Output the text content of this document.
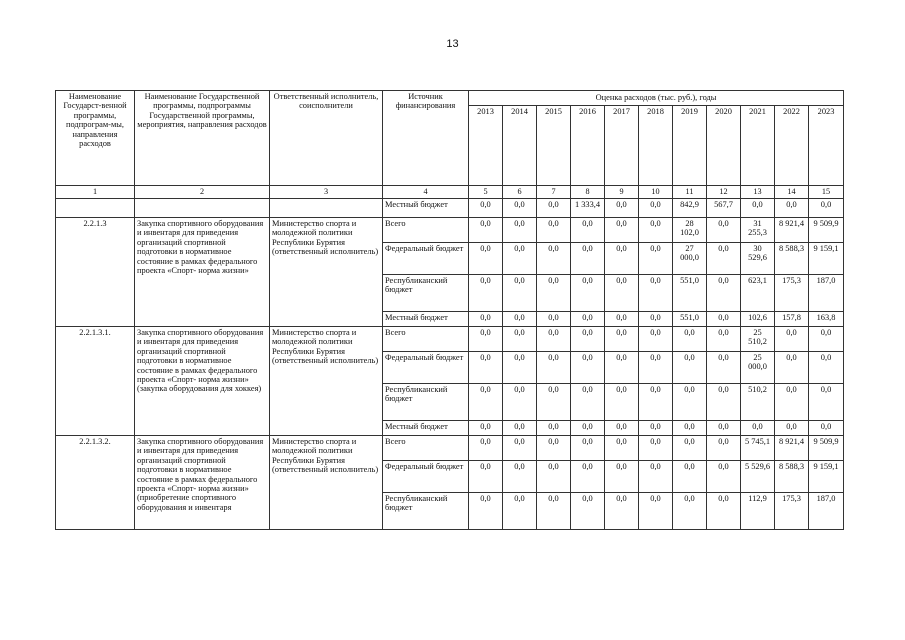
13
Наименование Государст-венной программы, подпрограм-мы, направления расходов	Наименование Государственной программы, подпрограммы Государственной программы, мероприятия, направления расходов	Ответственный исполнитель, соисполнители	Источник финансирования	Оценка расходов (тыс. руб.), годы										
				2013	2014	2015	2016	2017	2018	2019	2020	2021	2022	2023
1	2	3	4	5	6	7	8	9	10	11	12	13	14	15
			Местный бюджет	0,0	0,0	0,0	1 333,4	0,0	0,0	842,9	567,7	0,0	0,0	0,0
2.2.1.3	Закупка спортивного оборудования и инвентаря для приведения организаций спортивной подготовки в нормативное состояние в рамках федерального проекта «Спорт- норма жизни»	Министерство спорта и молодежной политики Республики Бурятия (ответственный исполнитель)	Всего	0,0	0,0	0,0	0,0	0,0	0,0	28 102,0	0,0	31 255,3	8 921,4	9 509,9
			Федеральный бюджет	0,0	0,0	0,0	0,0	0,0	0,0	27 000,0	0,0	30 529,6	8 588,3	9 159,1
			Республиканский бюджет	0,0	0,0	0,0	0,0	0,0	0,0	551,0	0,0	623,1	175,3	187,0
			Местный бюджет	0,0	0,0	0,0	0,0	0,0	0,0	551,0	0,0	102,6	157,8	163,8
2.2.1.3.1.	Закупка спортивного оборудования и инвентаря для приведения организаций спортивной подготовки в нормативное состояние в рамках федерального проекта «Спорт- норма жизни» (закупка оборудования для хоккея)	Министерство спорта и молодежной политики Республики Бурятия (ответственный исполнитель)	Всего	0,0	0,0	0,0	0,0	0,0	0,0	0,0	0,0	25 510,2	0,0	0,0
			Федеральный бюджет	0,0	0,0	0,0	0,0	0,0	0,0	0,0	0,0	25 000,0	0,0	0,0
			Республиканский бюджет	0,0	0,0	0,0	0,0	0,0	0,0	0,0	0,0	510,2	0,0	0,0
			Местный бюджет	0,0	0,0	0,0	0,0	0,0	0,0	0,0	0,0	0,0	0,0	0,0
2.2.1.3.2.	Закупка спортивного оборудования и инвентаря для приведения организаций спортивной подготовки в нормативное состояние в рамках федерального проекта «Спорт- норма жизни» (приобретение спортивного оборудования и инвентаря	Министерство спорта и молодежной политики Республики Бурятия (ответственный исполнитель)	Всего	0,0	0,0	0,0	0,0	0,0	0,0	0,0	0,0	5 745,1	8 921,4	9 509,9
			Федеральный бюджет	0,0	0,0	0,0	0,0	0,0	0,0	0,0	0,0	5 529,6	8 588,3	9 159,1
			Республиканский бюджет	0,0	0,0	0,0	0,0	0,0	0,0	0,0	0,0	112,9	175,3	187,0
